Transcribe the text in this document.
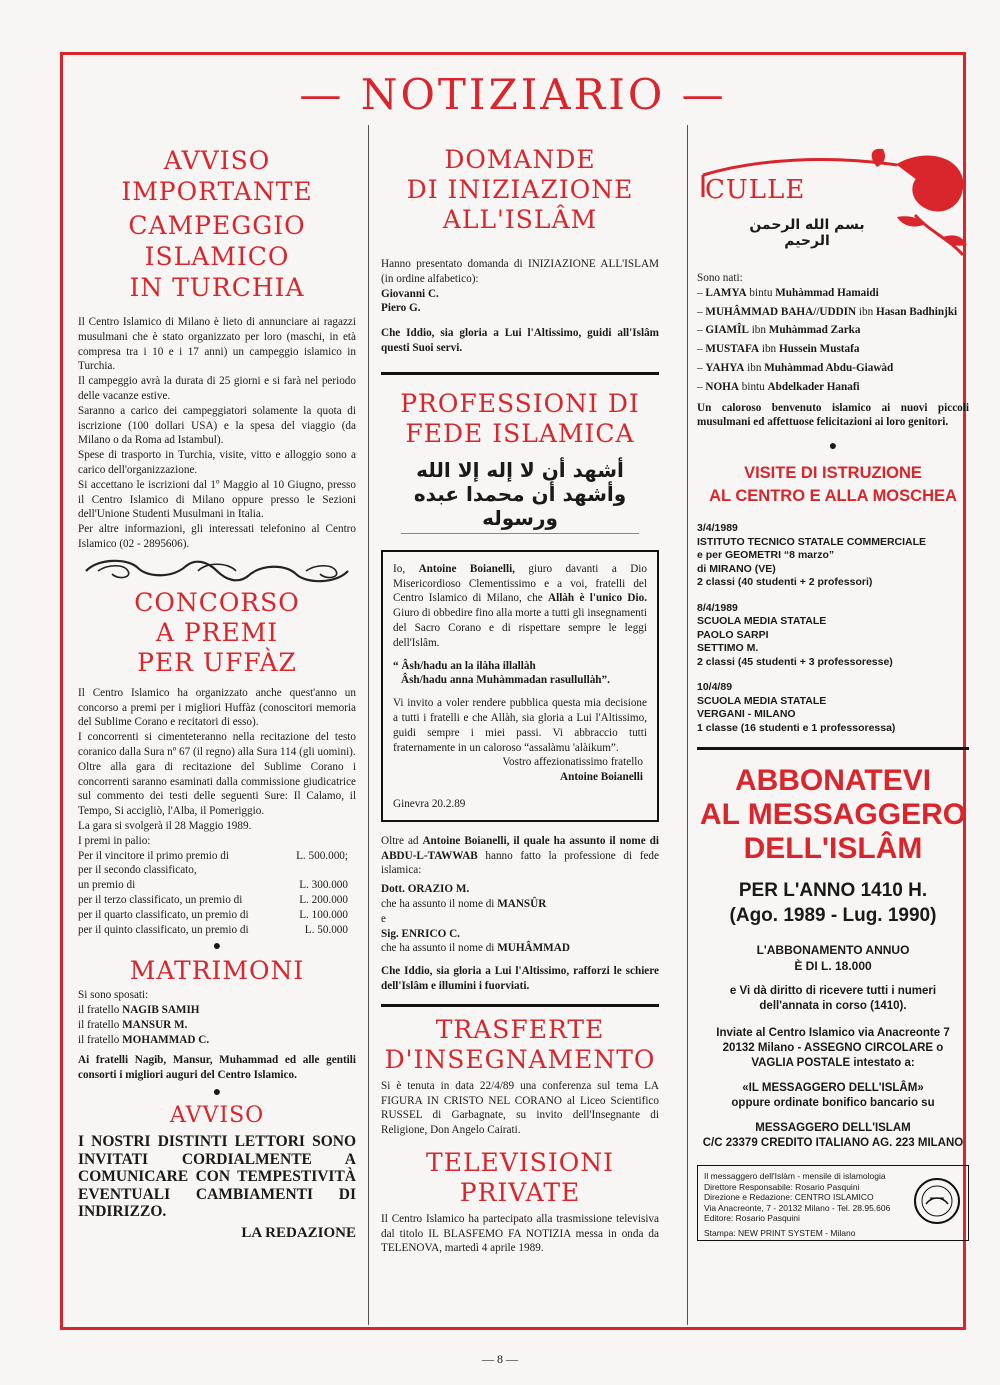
— NOTIZIARIO —
AVVISO
IMPORTANTE
CAMPEGGIO
ISLAMICO
IN TURCHIA

Il Centro Islamico di Milano è lieto di annunciare ai ragazzi musulmani che è stato organizzato per loro (maschi, in età compresa tra i 10 e i 17 anni) un campeggio islamico in Turchia.

Il campeggio avrà la durata di 25 giorni e si farà nel periodo delle vacanze estive.

Saranno a carico dei campeggiatori solamente la quota di iscrizione (100 dollari USA) e la spesa del viaggio (da Milano o da Roma ad Istambul).

Spese di trasporto in Turchia, visite, vitto e alloggio sono a carico dell'organizzazione.

Si accettano le iscrizioni dal 1º Maggio al 10 Giugno, presso il Centro Islamico di Milano oppure presso le Sezioni dell'Unione Studenti Musulmani in Italia.

Per altre informazioni, gli interessati telefonino al Centro Islamico (02 - 2895606).

CONCORSO
A PREMI
PER UFFÀZ

Il Centro Islamico ha organizzato anche quest'anno un concorso a premi per i migliori Huffàz (conoscitori memoria del Sublime Corano e recitatori di esso).

I concorrenti si cimenteteranno nella recitazione del testo coranico dalla Sura nº 67 (il regno) alla Sura 114 (gli uomini).

Oltre alla gara di recitazione del Sublime Corano i concorrenti saranno esaminati dalla commissione giudicatrice sul commento dei testi delle seguenti Sure: Il Calamo, il Tempo, Si accigliò, l'Alba, il Pomeriggio.

La gara si svolgerà il 28 Maggio 1989.

I premi in palio:

Per il vincitore il primo premio di	L. 500.000;
per il secondo classificato,
un premio di	L. 300.000
per il terzo classificato, un premio di	L. 200.000
per il quarto classificato, un premio di	L. 100.000
per il quinto classificato, un premio di	L. 50.000
●
MATRIMONI

Si sono sposati:

il fratello NAGIB SAMIH

il fratello MANSUR M.

il fratello MOHAMMAD C.

Ai fratelli Nagib, Mansur, Muhammad ed alle gentili consorti i migliori auguri del Centro Islamico.

●
AVVISO
I NOSTRI DISTINTI LETTORI SONO INVITATI CORDIALMENTE A COMUNICARE CON TEMPESTIVITÀ EVENTUALI CAMBIAMENTI DI INDIRIZZO.
LA REDAZIONE
DOMANDE
DI INIZIAZIONE
ALL'ISLÂM

Hanno presentato domanda di INIZIAZIONE ALL'ISLAM (in ordine alfabetico):

Giovanni C.

Piero G.

Che Iddio, sia gloria a Lui l'Altissimo, guidi all'Islâm questi Suoi servi.

PROFESSIONI DI
FEDE ISLAMICA
أشهد أن لا إله إلا الله وأشهد أن محمدا عبده ورسوله
Io, Antoine Boianelli, giuro davanti a Dio Misericordioso Clementissimo e a voi, fratelli del Centro Islamico di Milano, che Allàh è l'unico Dio. Giuro di obbedire fino alla morte a tutti gli insegnamenti del Sacro Corano e di rispettare sempre le leggi dell'Islâm.
“ Âsh/hadu an la ilàha illallàh
Âsh/hadu anna Muhàmmadan rasullullàh”.

Vi invito a voler rendere pubblica questa mia decisione a tutti i fratelli e che Allàh, sia gloria a Lui l'Altissimo, guidi sempre i miei passi. Vi abbraccio tutti fraternamente in un caloroso “assalàmu 'alàikum”.

Vostro affezionatissimo fratello

Antoine Boianelli

Ginevra 20.2.89

Oltre ad Antoine Boianelli, il quale ha assunto il nome di ABDU-L-TAWWAB hanno fatto la professione di fede islamica:

Dott. ORAZIO M.

che ha assunto il nome di MANSÛR

e

Sig. ENRICO C.

che ha assunto il nome di MUHÂMMAD

Che Iddio, sia gloria a Lui l'Altissimo, rafforzi le schiere dell'Islâm e illumini i fuorviati.

TRASFERTE
D'INSEGNAMENTO

Si è tenuta in data 22/4/89 una conferenza sul tema LA FIGURA IN CRISTO NEL CORANO al Liceo Scientifico RUSSEL di Garbagnate, su invito dell'Insegnante di Religione, Don Angelo Cairati.

TELEVISIONI
PRIVATE

Il Centro Islamico ha partecipato alla trasmissione televisiva dal titolo IL BLASFEMO FA NOTIZIA messa in onda da TELENOVA, martedì 4 aprile 1989.

CULLE
بسم الله الرحمن الرحيم

Sono nati:

– LAMYA bintu Muhàmmad Hamaidi

– MUHÂMMAD BAHA//UDDIN ibn Hasan Badhinjki

– GIAMÎL ibn Muhàmmad Zarka

– MUSTAFA ibn Hussein Mustafa

– YAHYA ibn Muhàmmad Abdu-Giawàd

– NOHA bintu Abdelkader Hanafi

Un caloroso benvenuto islamico ai nuovi piccoli musulmani ed affettuose felicitazioni ai loro genitori.

●
VISITE DI ISTRUZIONE
AL CENTRO E ALLA MOSCHEA
3/4/1989
ISTITUTO TECNICO STATALE COMMERCIALE
e per GEOMETRI “8 marzo”
di MIRANO (VE)
2 classi (40 studenti + 2 professori)
8/4/1989
SCUOLA MEDIA STATALE
PAOLO SARPI
SETTIMO M.
2 classi (45 studenti + 3 professoresse)
10/4/89
SCUOLA MEDIA STATALE
VERGANI - MILANO
1 classe (16 studenti e 1 professoressa)
ABBONATEVI
AL MESSAGGERO
DELL'ISLÂM
PER L'ANNO 1410 H.
(Ago. 1989 - Lug. 1990)
L'ABBONAMENTO ANNUO
È DI L. 18.000
e Vi dà diritto di ricevere tutti i numeri
dell'annata in corso (1410).
Inviate al Centro Islamico via Anacreonte 7
20132 Milano - ASSEGNO CIRCOLARE o
VAGLIA POSTALE intestato a:
«IL MESSAGGERO DELL'ISLÂM»
oppure ordinate bonifico bancario su
MESSAGGERO DELL'ISLAM
C/C 23379 CREDITO ITALIANO AG. 223 MILANO
Il messaggero dell'Islàm - mensile di islamologia
Direttore Responsabile: Rosario Pasquini
Direzione e Redazione: CENTRO ISLAMICO
Via Anacreonte, 7 - 20132 Milano - Tel. 28.95.606
Editore: Rosario Pasquini
Stampa: NEW PRINT SYSTEM - Milano
— 8 —
